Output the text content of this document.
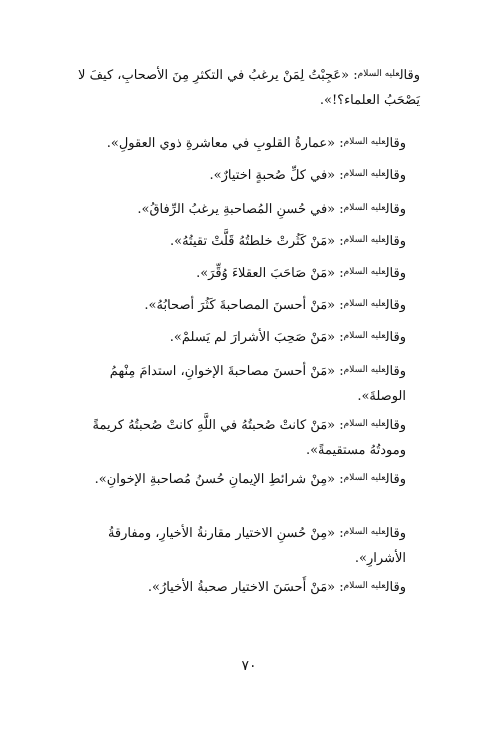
وقال$^{عليه السلام}$: «عَجِبْتُ لِمَنْ يرغبُ في التكثرِ مِنَ الأصحابِ، كيفَ لا يَصْحَبُ العلماء؟!».

وقال$^{عليه السلام}$: «عمارةُ القلوبِ في معاشرةِ ذوي العقولِ».

وقال$^{عليه السلام}$: «في كلِّ صُحبةٍ اختيارٌ».

وقال$^{عليه السلام}$: «في حُسنِ المُصاحبةِ يرغبُ الرِّفاقُ».

وقال$^{عليه السلام}$: «مَنْ كَثُرتْ خلطتُهُ قَلَّتْ تقيتُهُ».

وقال$^{عليه السلام}$: «مَنْ صَاحَبَ العقلاءَ وُقِّرَ».

وقال$^{عليه السلام}$: «مَنْ أحسنَ المصاحبةَ كَثُرَ أصحابُهُ».

وقال$^{عليه السلام}$: «مَنْ صَحِبَ الأشرارَ لم يَسلمْ».

وقال$^{عليه السلام}$: «مَنْ أحسنَ مصاحبةَ الإخوانِ، استدامَ مِنْهمُ الوصلةَ».

وقال$^{عليه السلام}$: «مَنْ كانتْ صُحبتُهُ في اللَّهِ كانتْ صُحبتُهُ كريمةً ومودتُهُ مستقيمةً».

وقال$^{عليه السلام}$: «مِنْ شرائطِ الإيمانِ حُسنُ مُصاحبةِ الإخوانِ».

وقال$^{عليه السلام}$: «مِنْ حُسنِ الاختيار مقارنةُ الأخيارِ، ومفارقةُ الأشرارِ».

وقال$^{عليه السلام}$: «مَنْ أَحسَنَ الاختيار صحبةُ الأخيارُ».

٧٠
